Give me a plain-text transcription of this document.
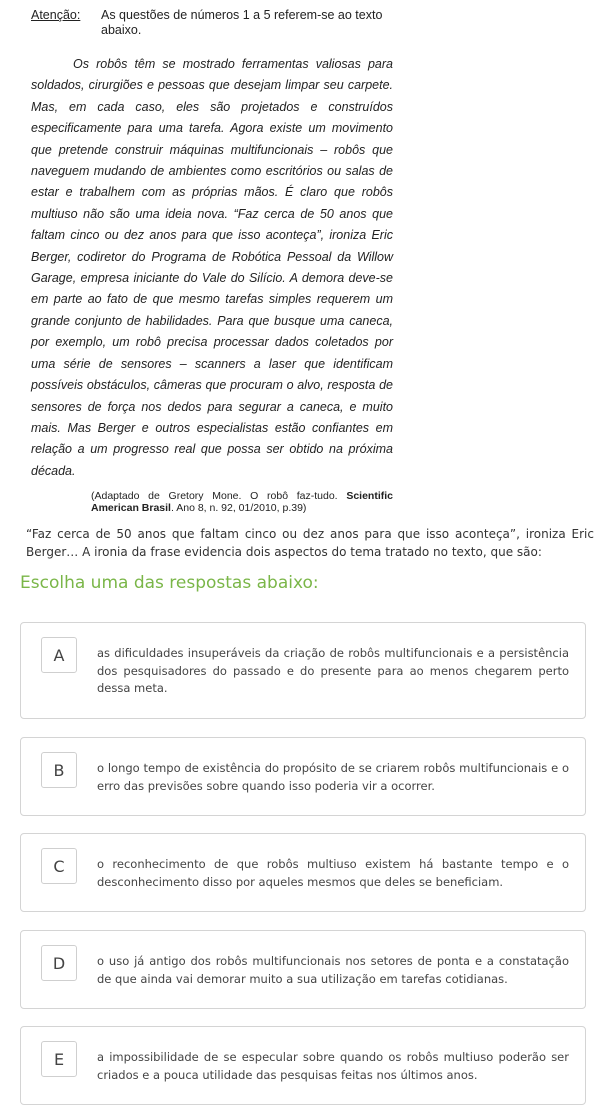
Atenção:	As questões de números 1 a 5 referem-se ao texto abaixo.

Os robôs têm se mostrado ferramentas valiosas para soldados, cirurgiões e pessoas que desejam limpar seu carpete. Mas, em cada caso, eles são projetados e construídos especificamente para uma tarefa. Agora existe um movimento que pretende construir máquinas multifuncionais – robôs que naveguem mudando de ambientes como escritórios ou salas de estar e trabalhem com as próprias mãos. É claro que robôs multiuso não são uma ideia nova. “Faz cerca de 50 anos que faltam cinco ou dez anos para que isso aconteça”, ironiza Eric Berger, codiretor do Programa de Robótica Pessoal da Willow Garage, empresa iniciante do Vale do Silício. A demora deve-se em parte ao fato de que mesmo tarefas simples requerem um grande conjunto de habilidades. Para que busque uma caneca, por exemplo, um robô precisa processar dados coletados por uma série de sensores – scanners a laser que identificam possíveis obstáculos, câmeras que procuram o alvo, resposta de sensores de força nos dedos para segurar a caneca, e muito mais. Mas Berger e outros especialistas estão confiantes em relação a um progresso real que possa ser obtido na próxima década.

(Adaptado de Gretory Mone. O robô faz-tudo. Scientific American Brasil. Ano 8, n. 92, 01/2010, p.39)

“Faz cerca de 50 anos que faltam cinco ou dez anos para que isso aconteça”, ironiza Eric Berger… A ironia da frase evidencia dois aspectos do tema tratado no texto, que são:

Escolha uma das respostas abaixo:
A	as dificuldades insuperáveis da criação de robôs multifuncionais e a persistência dos pesquisadores do passado e do presente para ao menos chegarem perto dessa meta.
B	o longo tempo de existência do propósito de se criarem robôs multifuncionais e o erro das previsões sobre quando isso poderia vir a ocorrer.
C	o reconhecimento de que robôs multiuso existem há bastante tempo e o desconhecimento disso por aqueles mesmos que deles se beneficiam.
D	o uso já antigo dos robôs multifuncionais nos setores de ponta e a constatação de que ainda vai demorar muito a sua utilização em tarefas cotidianas.
E	a impossibilidade de se especular sobre quando os robôs multiuso poderão ser criados e a pouca utilidade das pesquisas feitas nos últimos anos.
